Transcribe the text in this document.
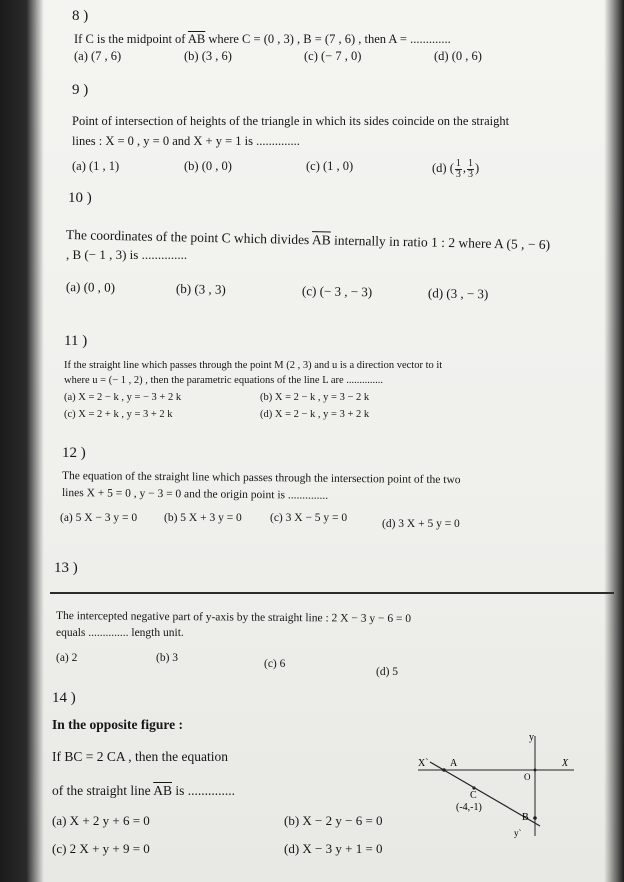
8 )
If C is the midpoint of $\overline{AB}$ where C = (0 , 3) , B = (7 , 6) , then A = .............
(a) (7 , 6)	(b) (3 , 6)	(c) (− 7 , 0)	(d) (0 , 6)
9 )
Point of intersection of heights of the triangle in which its sides coincide on the straight
lines : X = 0 , y = 0 and X + y = 1 is ..............
(a) (1 , 1)	(b) (0 , 0)	(c) (1 , 0)	(d) ( $\frac{1}{3}$ , $\frac{1}{3}$ )
10 )
The coordinates of the point C which divides $\overline{AB}$ internally in ratio 1 : 2 where A (5 , − 6)
, B (− 1 , 3) is ..............
(a) (0 , 0)	(b) (3 , 3)	(c) (− 3 , − 3)	(d) (3 , − 3)
11 )
If the straight line which passes through the point M (2 , 3) and u is a direction vector to it
where u = (− 1 , 2) , then the parametric equations of the line L are ..............
(a) X = 2 − k , y = − 3 + 2 k	(b) X = 2 − k , y = 3 − 2 k
(c) X = 2 + k , y = 3 + 2 k	(d) X = 2 − k , y = 3 + 2 k
12 )
The equation of the straight line which passes through the intersection point of the two
lines X + 5 = 0 , y − 3 = 0 and the origin point is ..............
(a) 5 X − 3 y = 0	(b) 5 X + 3 y = 0	(c) 3 X − 5 y = 0	(d) 3 X + 5 y = 0
13 )
The intercepted negative part of y-axis by the straight line : 2 X − 3 y − 6 = 0
equals .............. length unit.
(a) 2	(b) 3	(c) 6
(d) 5
14 )
In the opposite figure :
If BC = 2 CA , then the equation
of the straight line $\overline{AB}$ is ..............
(a) X + 2 y + 6 = 0	(b) X − 2 y − 6 = 0
(c) 2 X + y + 9 = 0	(d) X − 3 y + 1 = 0
y
X
X`
y`
A
O
C
(-4,-1)
B
